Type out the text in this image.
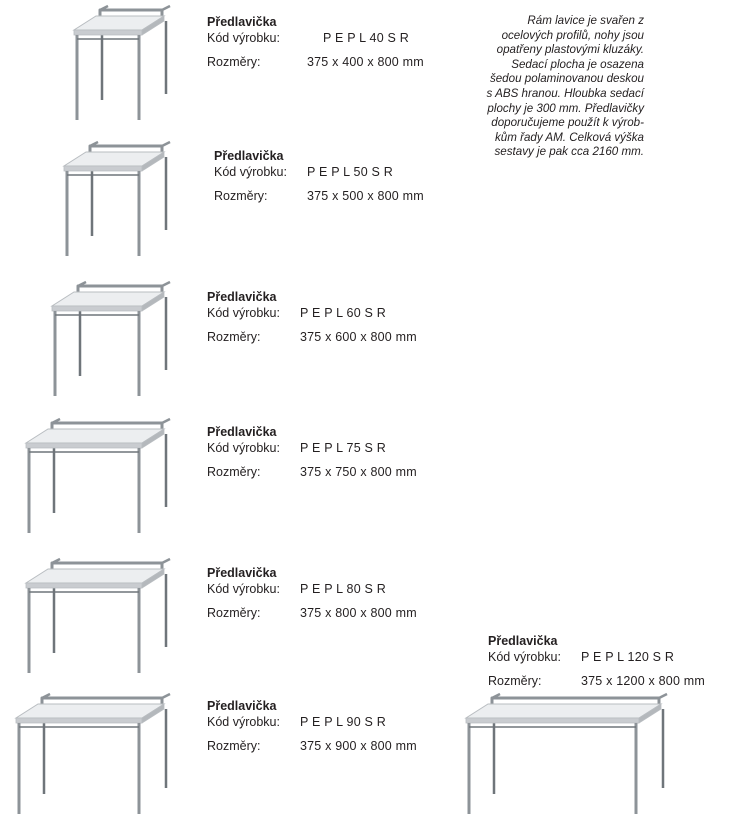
Předlavička
Kód výrobku:	P E P L 40 S R
Rozměry:	375 x 400 x 800 mm
Předlavička
Kód výrobku:	P E P L 50 S R
Rozměry:	375 x 500 x 800 mm
Předlavička
Kód výrobku:	P E P L 60 S R
Rozměry:	375 x 600 x 800 mm
Předlavička
Kód výrobku:	P E P L 75 S R
Rozměry:	375 x 750 x 800 mm
Předlavička
Kód výrobku:	P E P L 80 S R
Rozměry:	375 x 800 x 800 mm
Předlavička
Kód výrobku:	P E P L 90 S R
Rozměry:	375 x 900 x 800 mm
Předlavička
Kód výrobku:	P E P L 120 S R
Rozměry:	375 x 1200 x 800 mm
Rám lavice je svařen z
ocelových profilů, nohy jsou
opatřeny plastovými kluzáky.
Sedací plocha je osazena
šedou polaminovanou deskou
s ABS hranou. Hloubka sedací
plochy je 300 mm. Předlavičky
doporučujeme použít k výrob-
kům řady AM. Celková výška
sestavy je pak cca 2160 mm.
